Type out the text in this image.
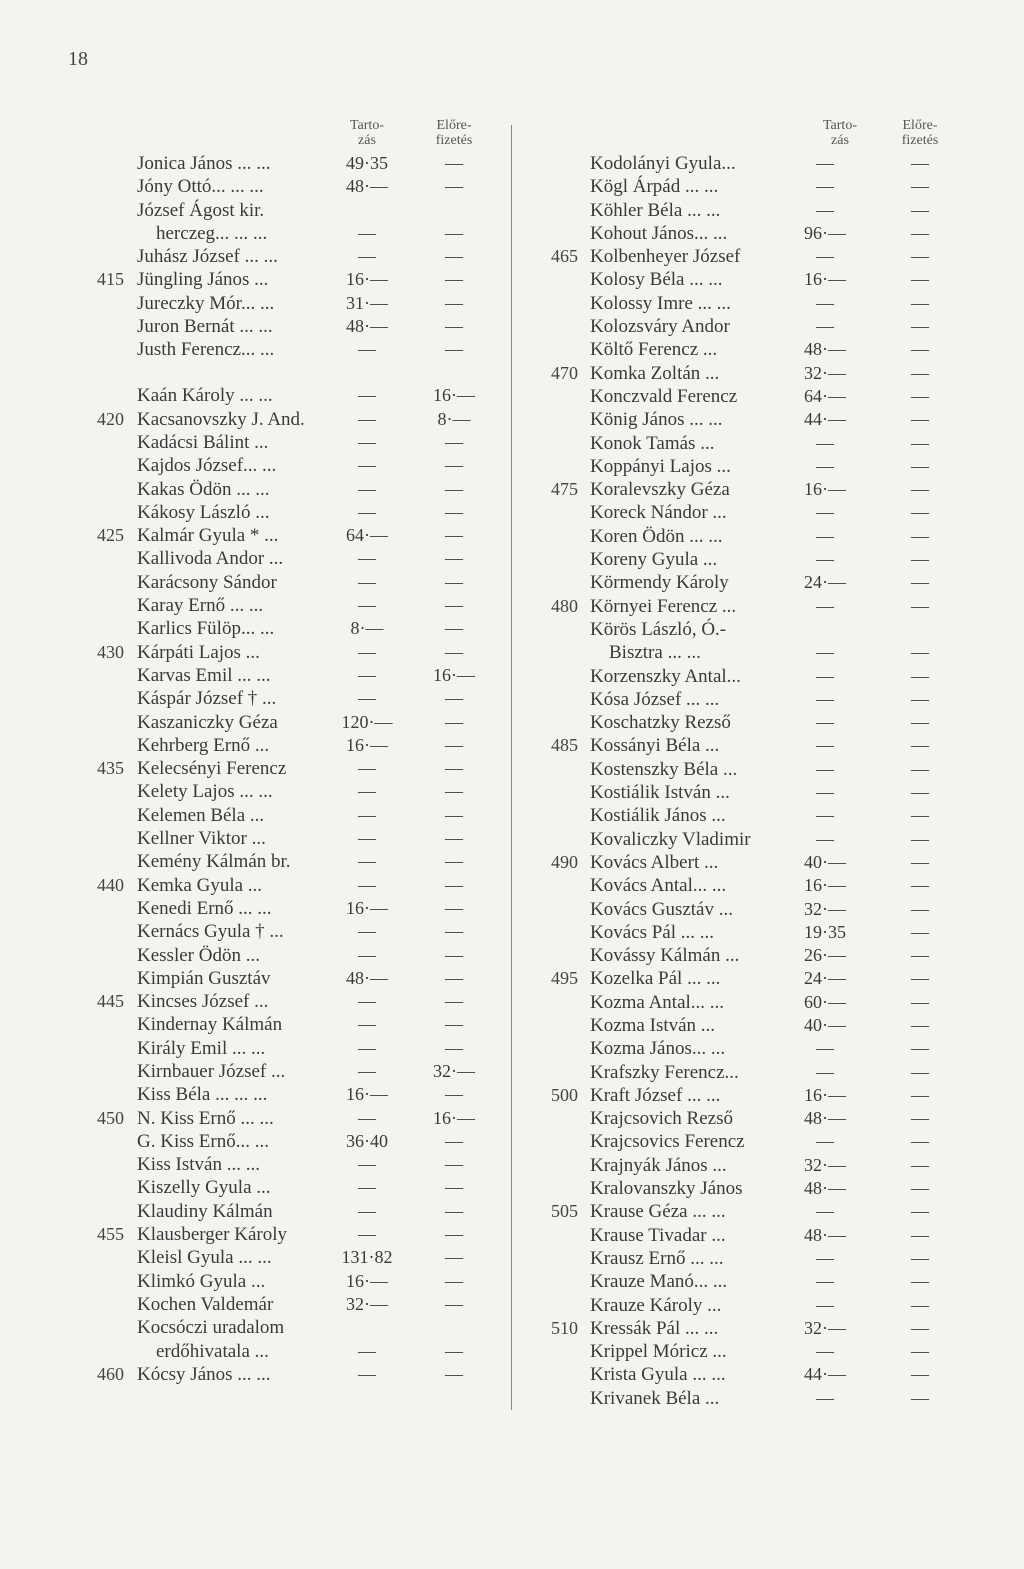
18
Tarto-
zás
Előre-
fizetés
Jonica János ... ...	49·35	—
Jóny Ottó... ... ...	48·—	—
József Ágost kir.
herczeg... ... ...	—	—
Juhász József ... ...	—	—
415 Jüngling János ...	16·—	—
Jureczky Mór... ...	31·—	—
Juron Bernát ... ...	48·—	—
Justh Ferencz... ...	—	—
Kaán Károly ... ...	—	16·—
420 Kacsanovszky J. And.	—	8·—
Kadácsi Bálint ...	—	—
Kajdos József... ...	—	—
Kakas Ödön ... ...	—	—
Kákosy László ...	—	—
425 Kalmár Gyula * ...	64·—	—
Kallivoda Andor ...	—	—
Karácsony Sándor	—	—
Karay Ernő ... ...	—	—
Karlics Fülöp... ...	8·—	—
430 Kárpáti Lajos ...	—	—
Karvas Emil ... ...	—	16·—
Káspár József † ...	—	—
Kaszaniczky Géza	120·—	—
Kehrberg Ernő ...	16·—	—
435 Kelecsényi Ferencz	—	—
Kelety Lajos ... ...	—	—
Kelemen Béla ...	—	—
Kellner Viktor ...	—	—
Kemény Kálmán br.	—	—
440 Kemka Gyula ...	—	—
Kenedi Ernő ... ...	16·—	—
Kernács Gyula † ...	—	—
Kessler Ödön ...	—	—
Kimpián Gusztáv	48·—	—
445 Kincses József ...	—	—
Kindernay Kálmán	—	—
Király Emil ... ...	—	—
Kirnbauer József ...	—	32·—
Kiss Béla ... ... ...	16·—	—
450 N. Kiss Ernő ... ...	—	16·—
G. Kiss Ernő... ...	36·40	—
Kiss István ... ...	—	—
Kiszelly Gyula ...	—	—
Klaudiny Kálmán	—	—
455 Klausberger Károly	—	—
Kleisl Gyula ... ...	131·82	—
Klimkó Gyula ...	16·—	—
Kochen Valdemár	32·—	—
Kocsóczi uradalom
erdőhivatala ...	—	—
460 Kócsy János ... ...	—	—
Tarto-
zás
Előre-
fizetés
Kodolányi Gyula...	—	—
Kögl Árpád ... ...	—	—
Köhler Béla ... ...	—	—
Kohout János... ...	96·—	—
465 Kolbenheyer József	—	—
Kolosy Béla ... ...	16·—	—
Kolossy Imre ... ...	—	—
Kolozsváry Andor	—	—
Költő Ferencz ...	48·—	—
470 Komka Zoltán ...	32·—	—
Konczvald Ferencz	64·—	—
König János ... ...	44·—	—
Konok Tamás ...	—	—
Koppányi Lajos ...	—	—
475 Koralevszky Géza	16·—	—
Koreck Nándor ...	—	—
Koren Ödön ... ...	—	—
Koreny Gyula ...	—	—
Körmendy Károly	24·—	—
480 Környei Ferencz ...	—	—
Körös László, Ó.-
Bisztra ... ...	—	—
Korzenszky Antal...	—	—
Kósa József ... ...	—	—
Koschatzky Rezső	—	—
485 Kossányi Béla ...	—	—
Kostenszky Béla ...	—	—
Kostiálik István ...	—	—
Kostiálik János ...	—	—
Kovaliczky Vladimir	—	—
490 Kovács Albert ...	40·—	—
Kovács Antal... ...	16·—	—
Kovács Gusztáv ...	32·—	—
Kovács Pál ... ...	19·35	—
Kovássy Kálmán ...	26·—	—
495 Kozelka Pál ... ...	24·—	—
Kozma Antal... ...	60·—	—
Kozma István ...	40·—	—
Kozma János... ...	—	—
Krafszky Ferencz...	—	—
500 Kraft József ... ...	16·—	—
Krajcsovich Rezső	48·—	—
Krajcsovics Ferencz	—	—
Krajnyák János ...	32·—	—
Kralovanszky János	48·—	—
505 Krause Géza ... ...	—	—
Krause Tivadar ...	48·—	—
Krausz Ernő ... ...	—	—
Krauze Manó... ...	—	—
Krauze Károly ...	—	—
510 Kressák Pál ... ...	32·—	—
Krippel Móricz ...	—	—
Krista Gyula ... ...	44·—	—
Krivanek Béla ...	—	—
